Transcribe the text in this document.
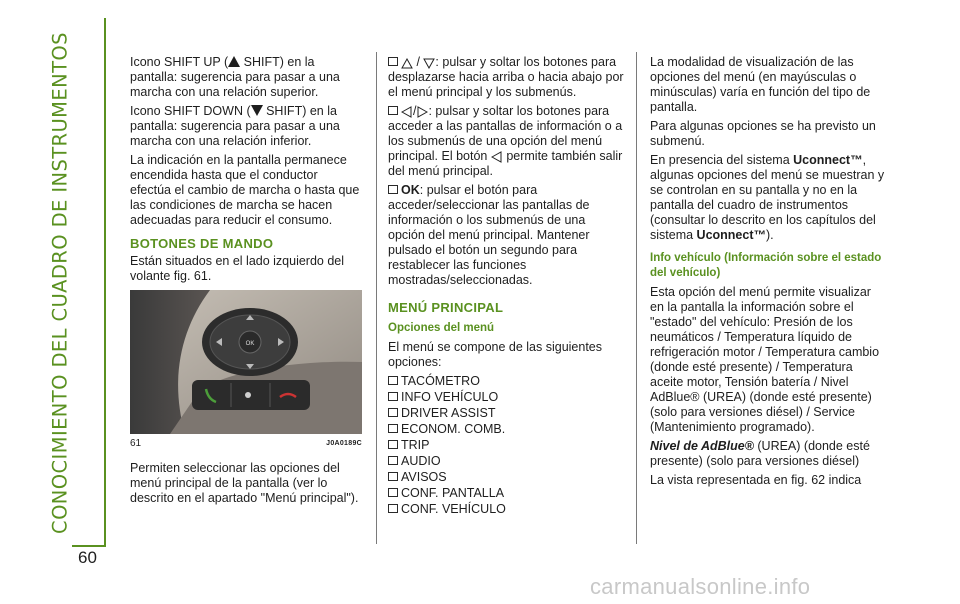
CONOCIMIENTO DEL CUADRO DE INSTRUMENTOS
60

Icono SHIFT UP ( SHIFT) en la pantalla: sugerencia para pasar a una marcha con una relación superior.

Icono SHIFT DOWN ( SHIFT) en la pantalla: sugerencia para pasar a una marcha con una relación inferior.

La indicación en la pantalla permanece encendida hasta que el conductor efectúa el cambio de marcha o hasta que las condiciones de marcha se hacen adecuadas para reducir el consumo.

BOTONES DE MANDO

Están situados en el lado izquierdo del volante fig. 61.

OK
61	J0A0189C

Permiten seleccionar las opciones del menú principal de la pantalla (ver lo descrito en el apartado "Menú principal").

/ : pulsar y soltar los botones para desplazarse hacia arriba o hacia abajo por el menú principal y los submenús.

/ : pulsar y soltar los botones para acceder a las pantallas de información o a los submenús de una opción del menú principal. El botón  permite también salir del menú principal.

OK: pulsar el botón para acceder/seleccionar las pantallas de información o los submenús de una opción del menú principal. Mantener pulsado el botón un segundo para restablecer las funciones mostradas/seleccionadas.

MENÚ PRINCIPAL
Opciones del menú

El menú se compone de las siguientes opciones:

TACÓMETRO
INFO VEHÍCULO
DRIVER ASSIST
ECONOM. COMB.
TRIP
AUDIO
AVISOS
CONF. PANTALLA
CONF. VEHÍCULO

La modalidad de visualización de las opciones del menú (en mayúsculas o minúsculas) varía en función del tipo de pantalla.

Para algunas opciones se ha previsto un submenú.

En presencia del sistema Uconnect™, algunas opciones del menú se muestran y se controlan en su pantalla y no en la pantalla del cuadro de instrumentos (consultar lo descrito en los capítulos del sistema Uconnect™).

Info vehículo (Información sobre el estado del vehículo)

Esta opción del menú permite visualizar en la pantalla la información sobre el "estado" del vehículo: Presión de los neumáticos / Temperatura líquido de refrigeración motor / Temperatura cambio (donde esté presente) / Temperatura aceite motor, Tensión batería / Nivel AdBlue® (UREA) (donde esté presente) (solo para versiones diésel) / Service (Mantenimiento programado).

Nivel de AdBlue® (UREA) (donde esté presente) (solo para versiones diésel)

La vista representada en fig. 62 indica

carmanualsonline.info
